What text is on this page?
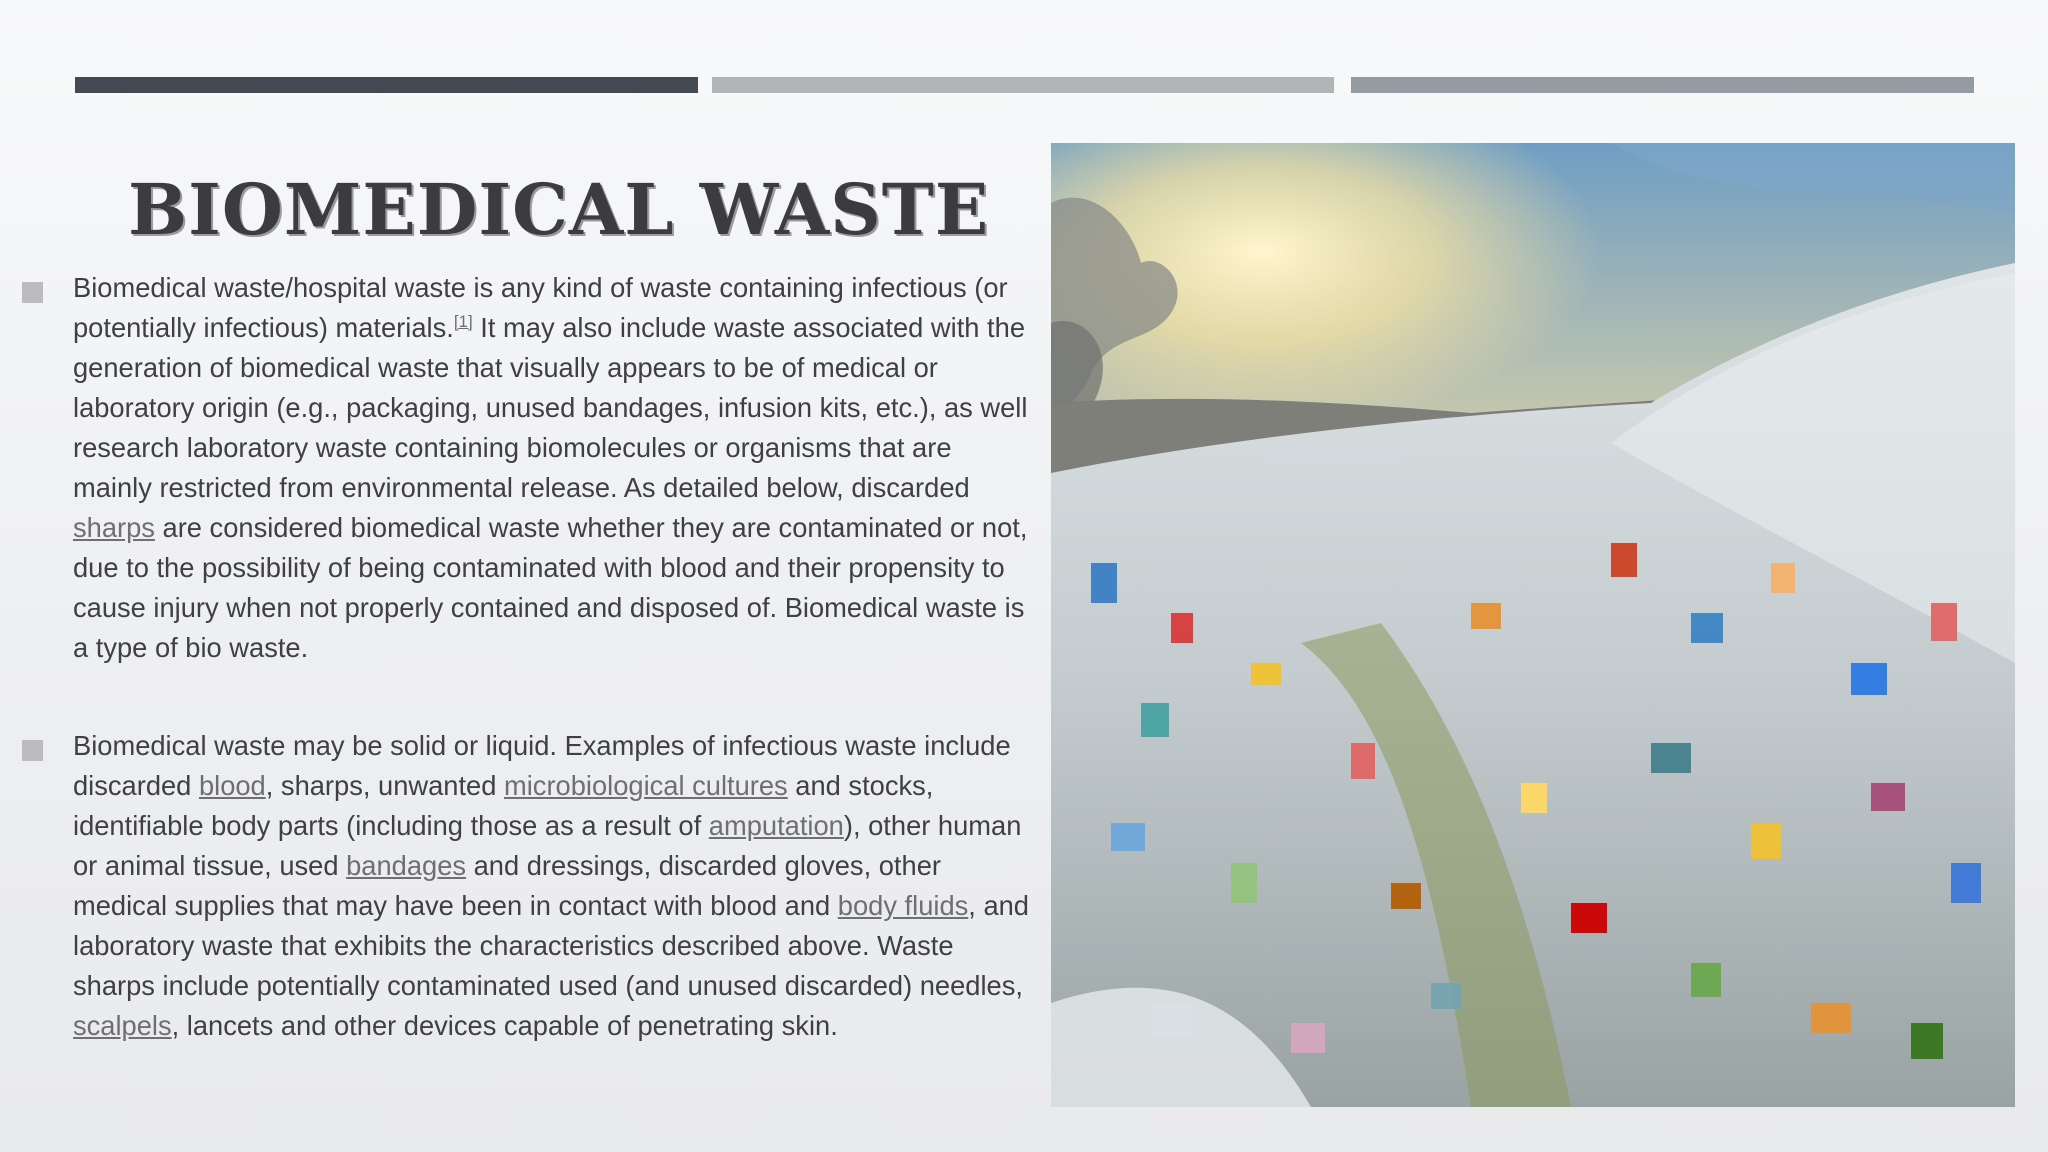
BIOMEDICAL WASTE

Biomedical waste/hospital waste is any kind of waste containing infectious (or potentially infectious) materials.[1] It may also include waste associated with the generation of biomedical waste that visually appears to be of medical or laboratory origin (e.g., packaging, unused bandages, infusion kits, etc.), as well research laboratory waste containing biomolecules or organisms that are mainly restricted from environmental release. As detailed below, discarded sharps are considered biomedical waste whether they are contaminated or not, due to the possibility of being contaminated with blood and their propensity to cause injury when not properly contained and disposed of. Biomedical waste is a type of bio waste.

Biomedical waste may be solid or liquid. Examples of infectious waste include discarded blood, sharps, unwanted microbiological cultures and stocks, identifiable body parts (including those as a result of amputation), other human or animal tissue, used bandages and dressings, discarded gloves, other medical supplies that may have been in contact with blood and body fluids, and laboratory waste that exhibits the characteristics described above. Waste sharps include potentially contaminated used (and unused discarded) needles, scalpels, lancets and other devices capable of penetrating skin.
